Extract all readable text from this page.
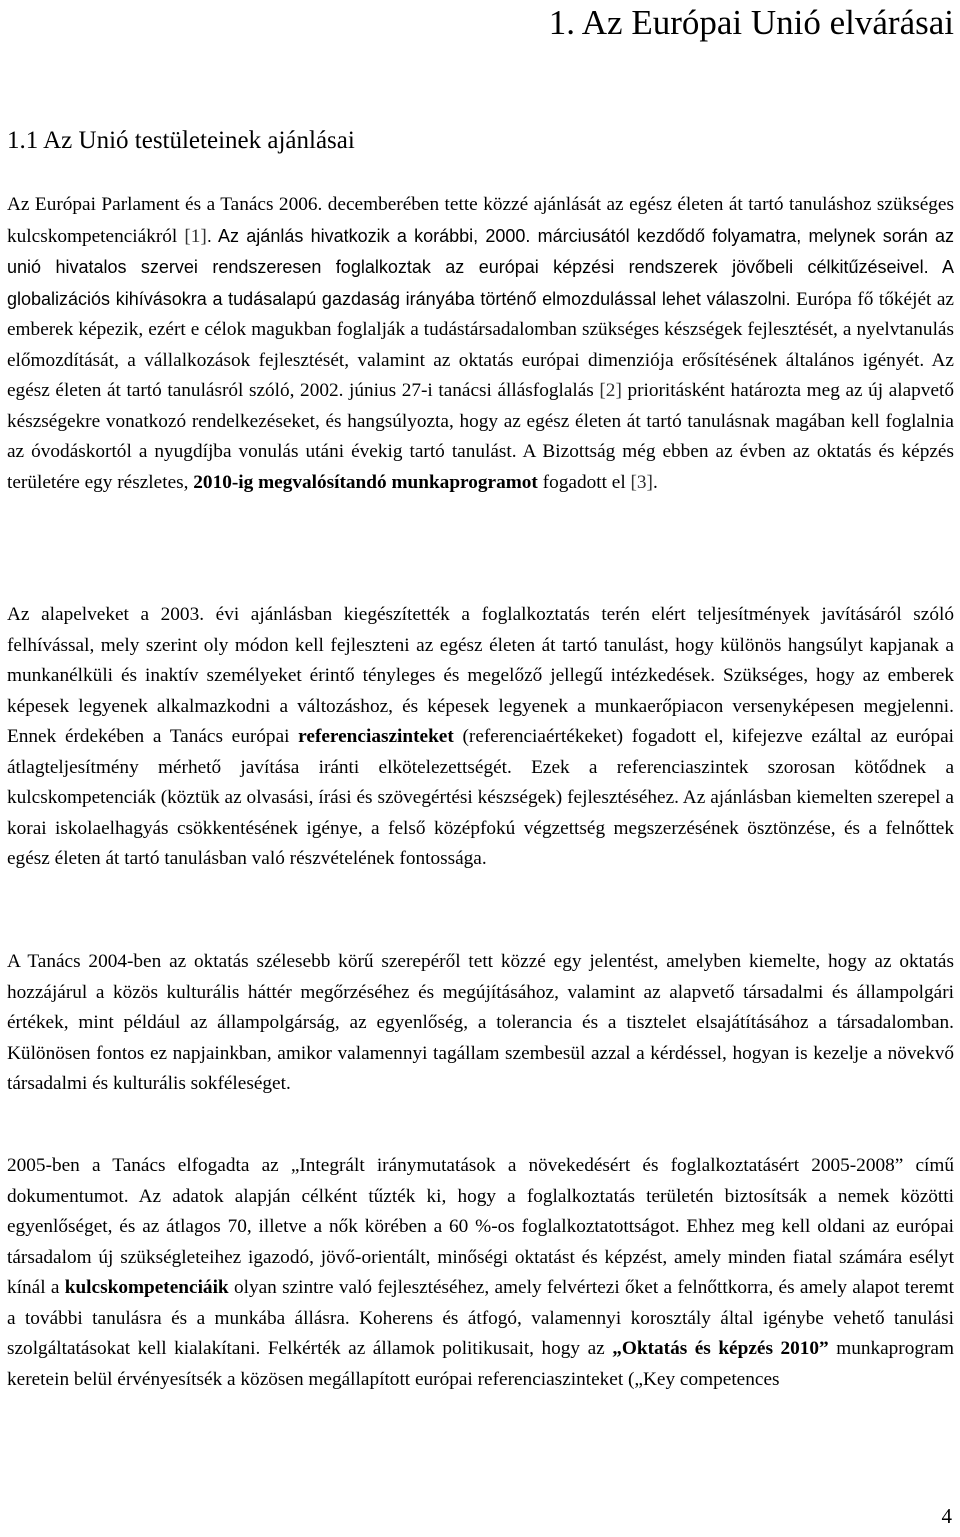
1. Az Európai Unió elvárásai
1.1 Az Unió testületeinek ajánlásai

Az Európai Parlament és a Tanács 2006. decemberében tette közzé ajánlását az egész életen át tartó tanuláshoz szükséges kulcskompetenciákról [1]. Az ajánlás hivatkozik a korábbi, 2000. márciusától kezdődő folyamatra, melynek során az unió hivatalos szervei rendszeresen foglalkoztak az európai képzési rendszerek jövőbeli célkitűzéseivel. A globalizációs kihívásokra a tudásalapú gazdaság irányába történő elmozdulással lehet válaszolni. Európa fő tőkéjét az emberek képezik, ezért e célok magukban foglalják a tudástársadalomban szükséges készségek fejlesztését, a nyelvtanulás előmozdítását, a vállalkozások fejlesztését, valamint az oktatás európai dimenziója erősítésének általános igényét. Az egész életen át tartó tanulásról szóló, 2002. június 27-i tanácsi állásfoglalás [2] prioritásként határozta meg az új alapvető készségekre vonatkozó rendelkezéseket, és hangsúlyozta, hogy az egész életen át tartó tanulásnak magában kell foglalnia az óvodáskortól a nyugdíjba vonulás utáni évekig tartó tanulást. A Bizottság még ebben az évben az oktatás és képzés területére egy részletes, 2010-ig megvalósítandó munkaprogramot fogadott el [3].

Az alapelveket a 2003. évi ajánlásban kiegészítették a foglalkoztatás terén elért teljesítmények javításáról szóló felhívással, mely szerint oly módon kell fejleszteni az egész életen át tartó tanulást, hogy különös hangsúlyt kapjanak a munkanélküli és inaktív személyeket érintő tényleges és megelőző jellegű intézkedések. Szükséges, hogy az emberek képesek legyenek alkalmazkodni a változáshoz, és képesek legyenek a munkaerőpiacon versenyképesen megjelenni. Ennek érdekében a Tanács európai referenciaszinteket (referenciaértékeket) fogadott el, kifejezve ezáltal az európai átlagteljesítmény mérhető javítása iránti elkötelezettségét. Ezek a referenciaszintek szorosan kötődnek a kulcskompetenciák (köztük az olvasási, írási és szövegértési készségek) fejlesztéséhez. Az ajánlásban kiemelten szerepel a korai iskolaelhagyás csökkentésének igénye, a felső középfokú végzettség megszerzésének ösztönzése, és a felnőttek egész életen át tartó tanulásban való részvételének fontossága.

A Tanács 2004-ben az oktatás szélesebb körű szerepéről tett közzé egy jelentést, amelyben kiemelte, hogy az oktatás hozzájárul a közös kulturális háttér megőrzéséhez és megújításához, valamint az alapvető társadalmi és állampolgári értékek, mint például az állampolgárság, az egyenlőség, a tolerancia és a tisztelet elsajátításához a társadalomban. Különösen fontos ez napjainkban, amikor valamennyi tagállam szembesül azzal a kérdéssel, hogyan is kezelje a növekvő társadalmi és kulturális sokféleséget.

2005-ben a Tanács elfogadta az „Integrált iránymutatások a növekedésért és foglalkoztatásért 2005-2008” című dokumentumot. Az adatok alapján célként tűzték ki, hogy a foglalkoztatás területén biztosítsák a nemek közötti egyenlőséget, és az átlagos 70, illetve a nők körében a 60 %-os foglalkoztatottságot. Ehhez meg kell oldani az európai társadalom új szükségleteihez igazodó, jövő-orientált, minőségi oktatást és képzést, amely minden fiatal számára esélyt kínál a kulcskompetenciáik olyan szintre való fejlesztéséhez, amely felvértezi őket a felnőttkorra, és amely alapot teremt a további tanulásra és a munkába állásra. Koherens és átfogó, valamennyi korosztály által igénybe vehető tanulási szolgáltatásokat kell kialakítani. Felkérték az államok politikusait, hogy az „Oktatás és képzés 2010” munkaprogram keretein belül érvényesítsék a közösen megállapított európai referenciaszinteket („Key competences

4
